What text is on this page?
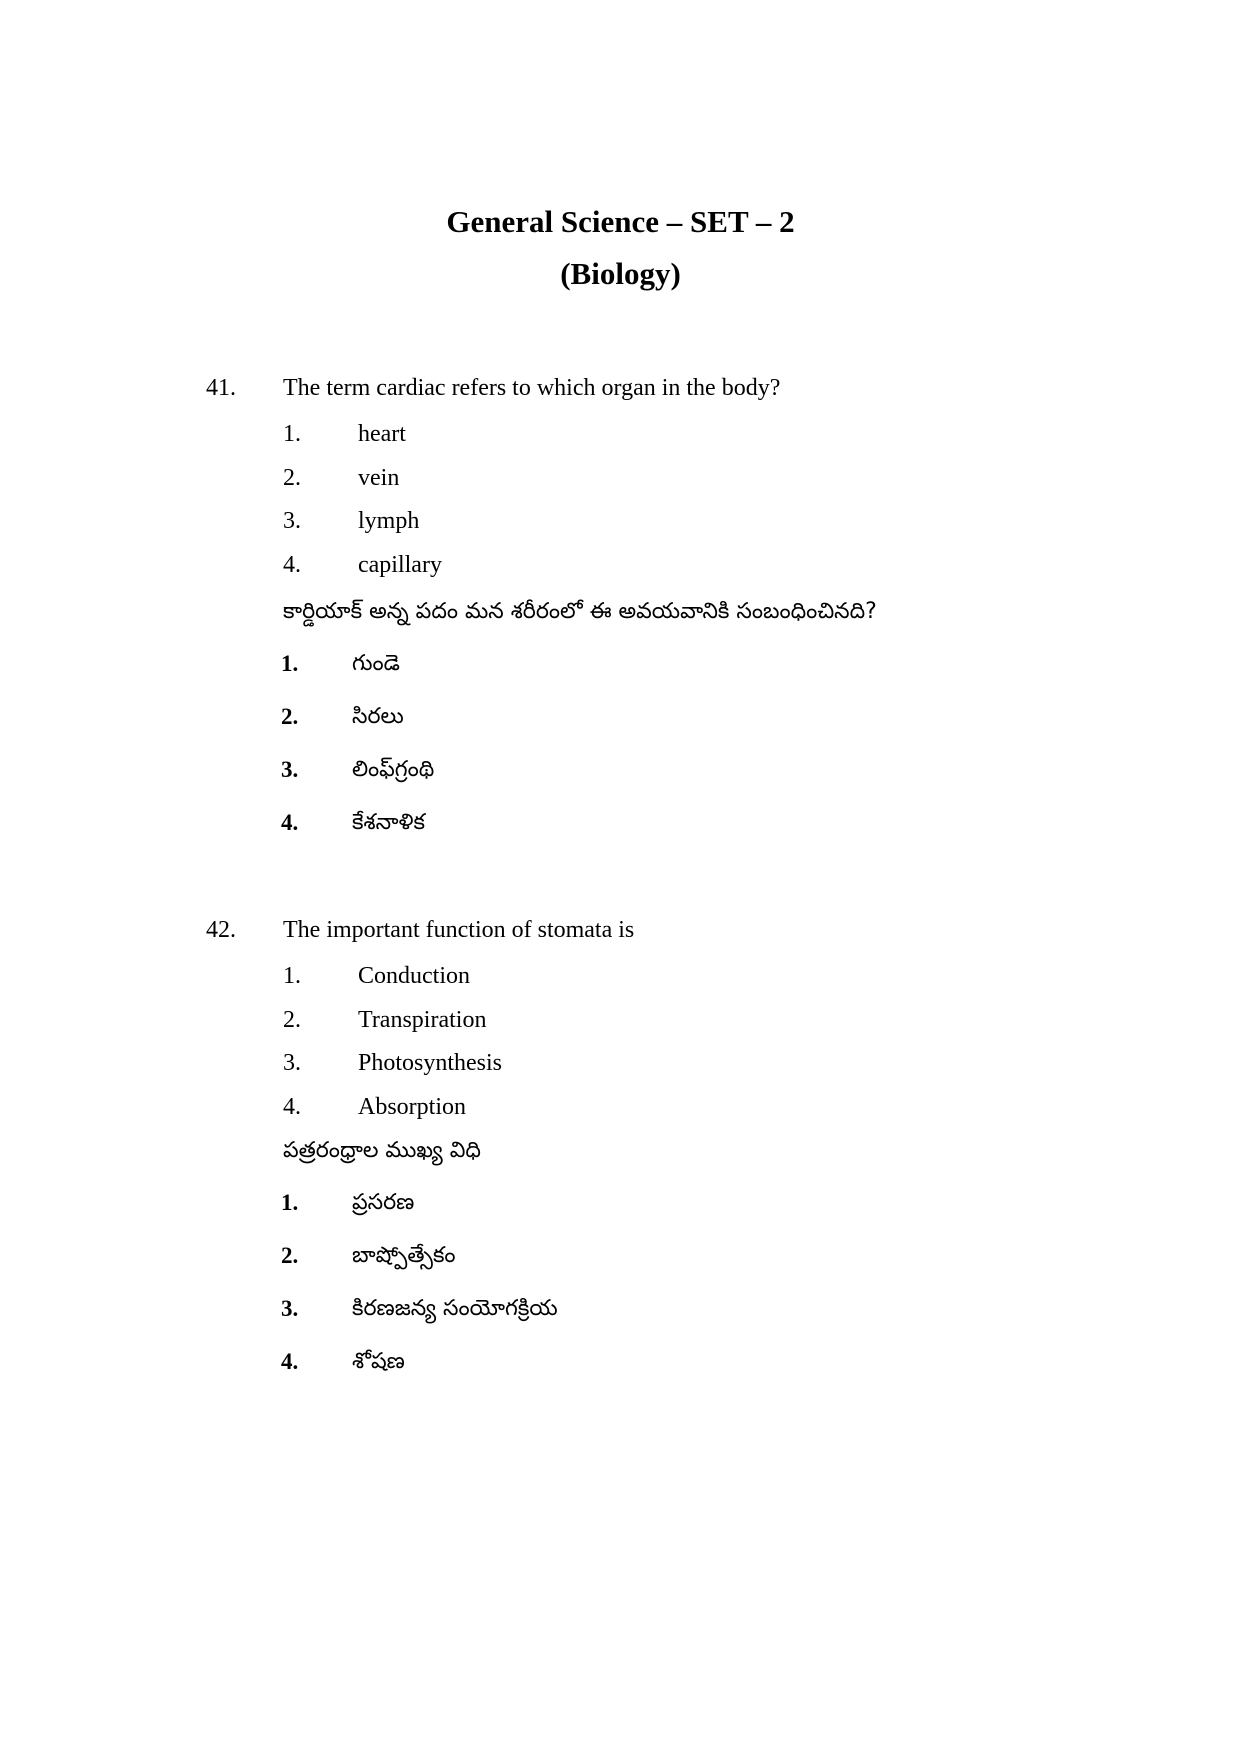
General Science – SET – 2
(Biology)
41. The term cardiac refers to which organ in the body?
1. heart
2. vein
3. lymph
4. capillary
కార్డియాక్ అన్న పదం మన శరీరంలో ఈ అవయవానికి సంబంధించినది?
1. గుండె
2. సిరలు
3. లింఫ్‌గ్రంథి
4. కేశనాళిక
42. The important function of stomata is
1. Conduction
2. Transpiration
3. Photosynthesis
4. Absorption
పత్రరంధ్రాల ముఖ్య విధి
1. ప్రసరణ
2. బాష్పోత్సేకం
3. కిరణజన్య సంయోగక్రియ
4. శోషణ
